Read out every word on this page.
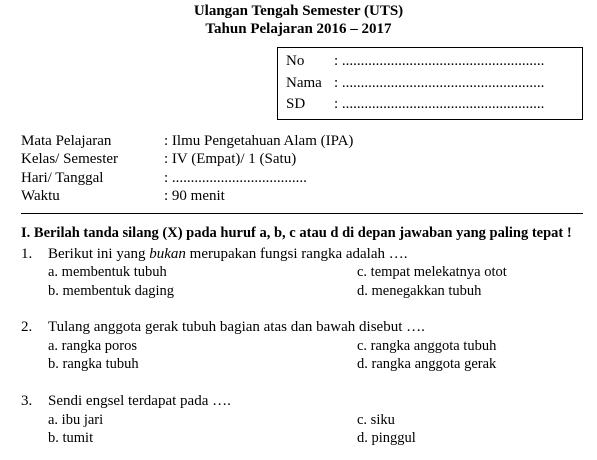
Ulangan Tengah Semester (UTS)
Tahun Pelajaran 2016 – 2017
No : ......................................................
Nama : ......................................................
SD : ......................................................
Mata Pelajaran	: Ilmu Pengetahuan Alam (IPA)
Kelas/ Semester	: IV (Empat)/ 1 (Satu)
Hari/ Tanggal	: ....................................
Waktu	: 90 menit
I. Berilah tanda silang (X) pada huruf a, b, c atau d di depan jawaban yang paling tepat !
1. Berikut ini yang bukan merupakan fungsi rangka adalah ….
a. membentuk tubuh
b. membentuk daging
c. tempat melekatnya otot
d. menegakkan tubuh
2. Tulang anggota gerak tubuh bagian atas dan bawah disebut ….
a. rangka poros
b. rangka tubuh
c. rangka anggota tubuh
d. rangka anggota gerak
3. Sendi engsel terdapat pada ….
a. ibu jari
b. tumit
c. siku
d. pinggul
